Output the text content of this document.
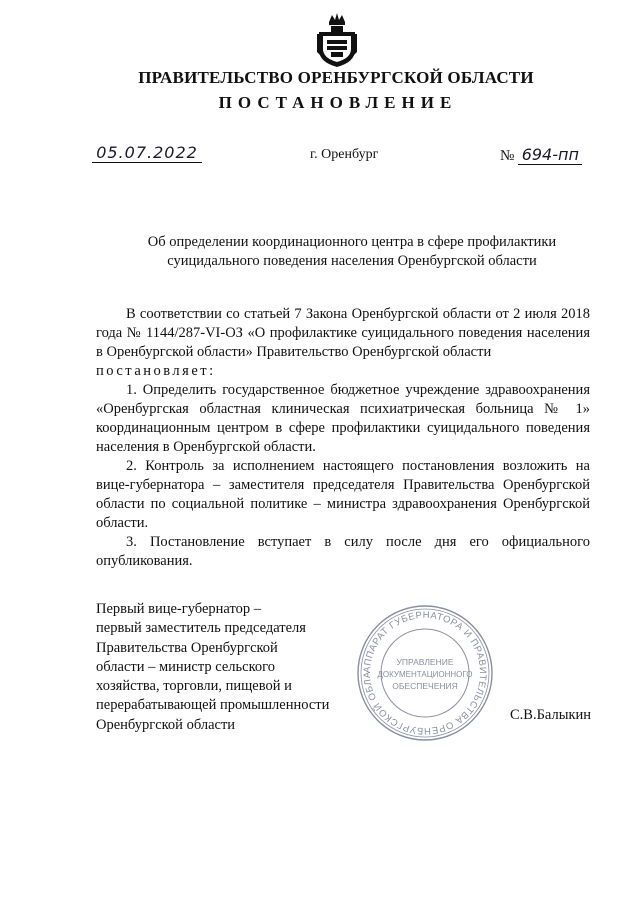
ПРАВИТЕЛЬСТВО ОРЕНБУРГСКОЙ ОБЛАСТИ
ПОСТАНОВЛЕНИЕ
05.07.2022	г. Оренбург	№ 694-пп
Об определении координационного центра в сфере профилактики
суицидального поведения населения Оренбургской области

В соответствии со статьей 7 Закона Оренбургской области от 2 июля 2018 года № 1144/287-VI-ОЗ «О профилактике суицидального поведения населения в Оренбургской области» Правительство Оренбургской области

постановляет:

1. Определить государственное бюджетное учреждение здравоохранения «Оренбургская областная клиническая психиатрическая больница № 1» координационным центром в сфере профилактики суицидального поведения населения в Оренбургской области.

2. Контроль за исполнением настоящего постановления возложить на вице-губернатора – заместителя председателя Правительства Оренбургской области по социальной политике – министра здравоохранения Оренбургской области.

3. Постановление вступает в силу после дня его официального опубликования.

Первый вице-губернатор –
первый заместитель председателя
Правительства Оренбургской
области – министр сельского
хозяйства, торговли, пищевой и
перерабатывающей промышленности
Оренбургской области
АППАРАТ ГУБЕРНАТОРА И ПРАВИТЕЛЬСТВА ОРЕНБУРГСКОЙ ОБЛА
УПРАВЛЕНИЕ
ДОКУМЕНТАЦИОННОГО
ОБЕСПЕЧЕНИЯ
С.В.Балыкин
